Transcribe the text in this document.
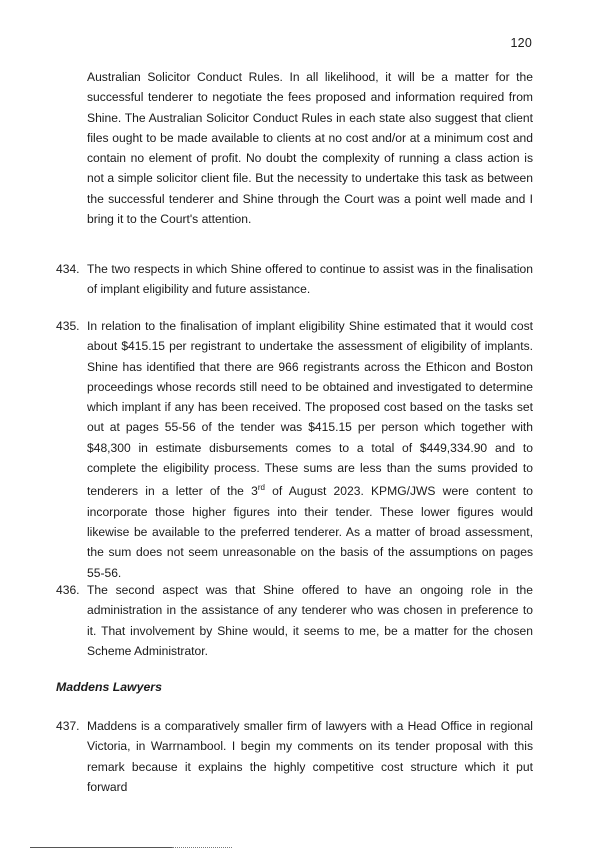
120

Australian Solicitor Conduct Rules. In all likelihood, it will be a matter for the successful tenderer to negotiate the fees proposed and information required from Shine. The Australian Solicitor Conduct Rules in each state also suggest that client files ought to be made available to clients at no cost and/or at a minimum cost and contain no element of profit. No doubt the complexity of running a class action is not a simple solicitor client file. But the necessity to undertake this task as between the successful tenderer and Shine through the Court was a point well made and I bring it to the Court's attention.

434. The two respects in which Shine offered to continue to assist was in the finalisation of implant eligibility and future assistance.
435. In relation to the finalisation of implant eligibility Shine estimated that it would cost about $415.15 per registrant to undertake the assessment of eligibility of implants. Shine has identified that there are 966 registrants across the Ethicon and Boston proceedings whose records still need to be obtained and investigated to determine which implant if any has been received. The proposed cost based on the tasks set out at pages 55-56 of the tender was $415.15 per person which together with $48,300 in estimate disbursements comes to a total of $449,334.90 and to complete the eligibility process. These sums are less than the sums provided to tenderers in a letter of the 3rd of August 2023. KPMG/JWS were content to incorporate those higher figures into their tender. These lower figures would likewise be available to the preferred tenderer. As a matter of broad assessment, the sum does not seem unreasonable on the basis of the assumptions on pages 55-56.
436. The second aspect was that Shine offered to have an ongoing role in the administration in the assistance of any tenderer who was chosen in preference to it. That involvement by Shine would, it seems to me, be a matter for the chosen Scheme Administrator.
Maddens Lawyers
437. Maddens is a comparatively smaller firm of lawyers with a Head Office in regional Victoria, in Warrnambool. I begin my comments on its tender proposal with this remark because it explains the highly competitive cost structure which it put forward
